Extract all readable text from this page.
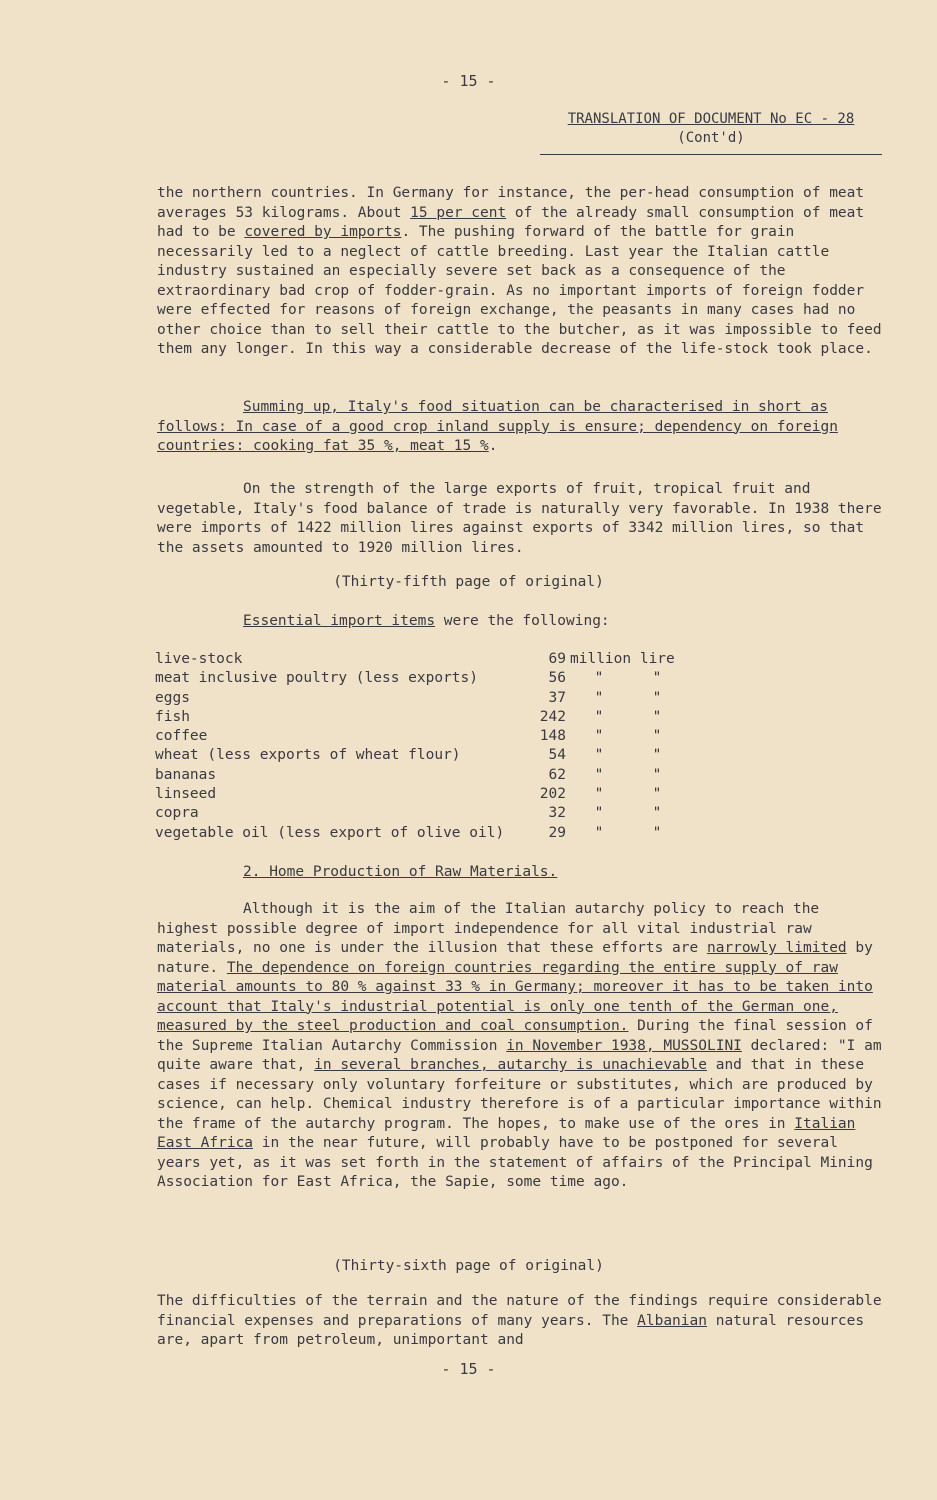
- 15 -
TRANSLATION OF DOCUMENT No EC - 28
(Cont'd)

the northern countries. In Germany for instance, the per-head consumption of meat averages 53 kilograms. About 15 per cent of the already small consumption of meat had to be covered by imports. The pushing forward of the battle for grain necessarily led to a neglect of cattle breeding. Last year the Italian cattle industry sustained an especially severe set back as a consequence of the extraordinary bad crop of fodder-grain. As no important imports of foreign fodder were effected for reasons of foreign exchange, the peasants in many cases had no other choice than to sell their cattle to the butcher, as it was impossible to feed them any longer. In this way a considerable decrease of the life-stock took place.

Summing up, Italy's food situation can be characterised in short as follows: In case of a good crop inland supply is ensure; dependency on foreign countries: cooking fat 35 %, meat 15 %.

On the strength of the large exports of fruit, tropical fruit and vegetable, Italy's food balance of trade is naturally very favorable. In 1938 there were imports of 1422 million lires against exports of 3342 million lires, so that the assets amounted to 1920 million lires.

(Thirty-fifth page of original)
Essential import items were the following:
live-stock	69	million lire
meat inclusive poultry (less exports)	56	" "
eggs	37	" "
fish	242	" "
coffee	148	" "
wheat (less exports of wheat flour)	54	" "
bananas	62	" "
linseed	202	" "
copra	32	" "
vegetable oil (less export of olive oil)	29	" "
2. Home Production of Raw Materials.

Although it is the aim of the Italian autarchy policy to reach the highest possible degree of import independence for all vital industrial raw materials, no one is under the illusion that these efforts are narrowly limited by nature. The dependence on foreign countries regarding the entire supply of raw material amounts to 80 % against 33 % in Germany; moreover it has to be taken into account that Italy's industrial potential is only one tenth of the German one, measured by the steel production and coal consumption. During the final session of the Supreme Italian Autarchy Commission in November 1938, MUSSOLINI declared: "I am quite aware that, in several branches, autarchy is unachievable and that in these cases if necessary only voluntary forfeiture or substitutes, which are produced by science, can help. Chemical industry therefore is of a particular importance within the frame of the autarchy program. The hopes, to make use of the ores in Italian East Africa in the near future, will probably have to be postponed for several years yet, as it was set forth in the statement of affairs of the Principal Mining Association for East Africa, the Sapie, some time ago.

(Thirty-sixth page of original)

The difficulties of the terrain and the nature of the findings require considerable financial expenses and preparations of many years. The Albanian natural resources are, apart from petroleum, unimportant and

- 15 -
